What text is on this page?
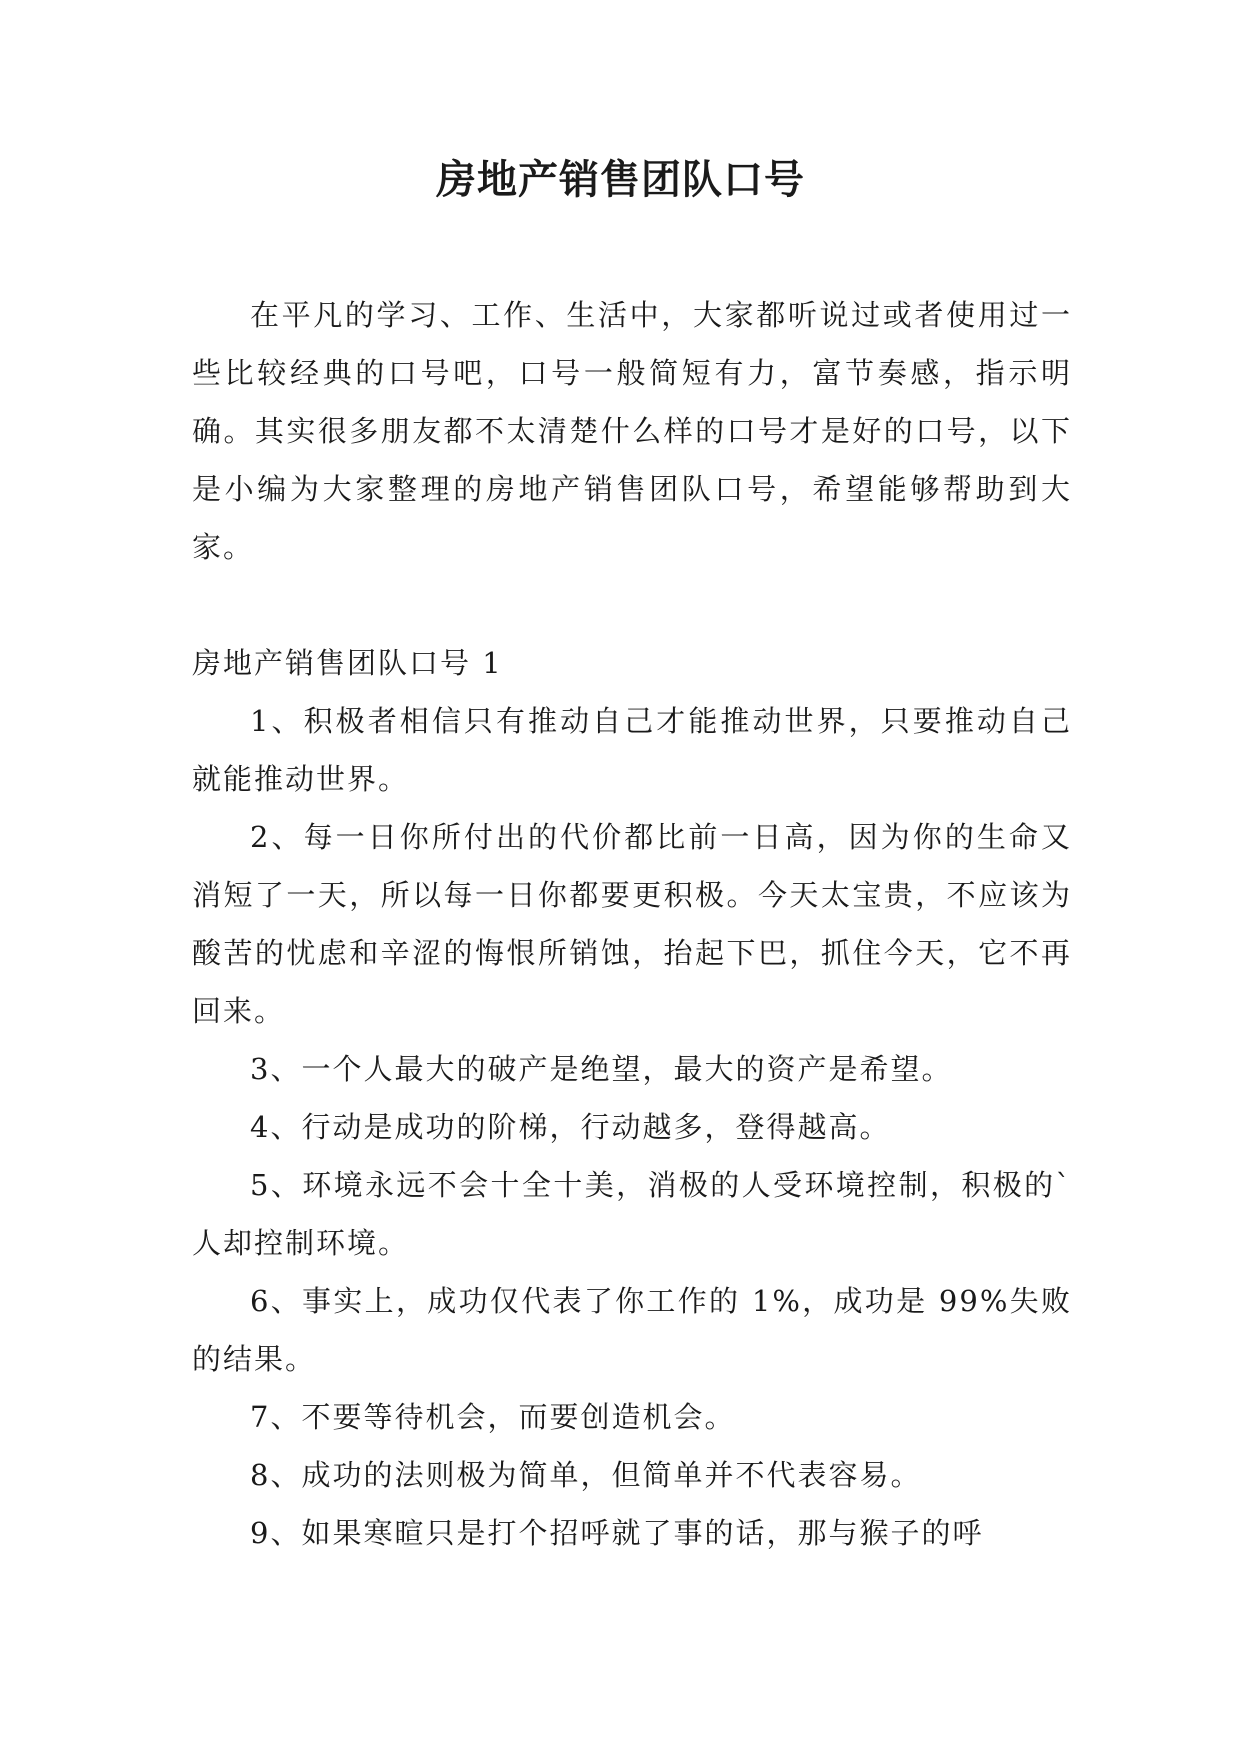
房地产销售团队口号

在平凡的学习、工作、生活中，大家都听说过或者使用过一些比较经典的口号吧，口号一般简短有力，富节奏感，指示明确。其实很多朋友都不太清楚什么样的口号才是好的口号，以下是小编为大家整理的房地产销售团队口号，希望能够帮助到大家。

房地产销售团队口号 1

1、积极者相信只有推动自己才能推动世界，只要推动自己就能推动世界。

2、每一日你所付出的代价都比前一日高，因为你的生命又消短了一天，所以每一日你都要更积极。今天太宝贵，不应该为酸苦的忧虑和辛涩的悔恨所销蚀，抬起下巴，抓住今天，它不再回来。

3、一个人最大的破产是绝望，最大的资产是希望。

4、行动是成功的阶梯，行动越多，登得越高。

5、环境永远不会十全十美，消极的人受环境控制，积极的`人却控制环境。

6、事实上，成功仅代表了你工作的 1%，成功是 99%失败的结果。

7、不要等待机会，而要创造机会。

8、成功的法则极为简单，但简单并不代表容易。

9、如果寒暄只是打个招呼就了事的话，那与猴子的呼
